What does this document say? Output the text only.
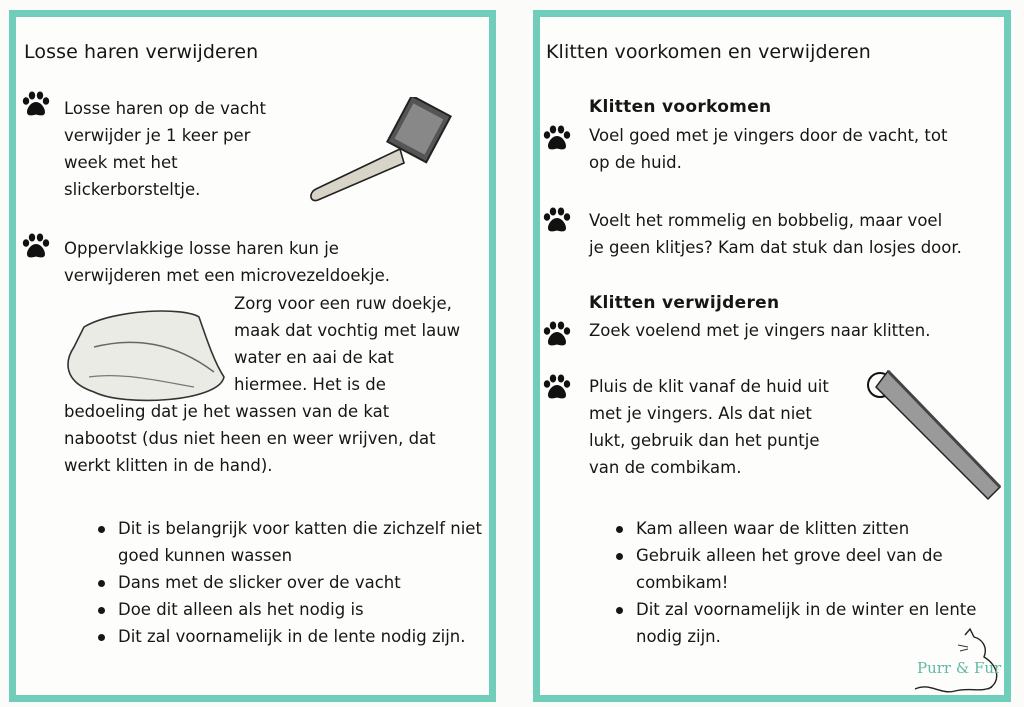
Losse haren verwijderen
Losse haren op de vacht
verwijder je 1 keer per
week met het
slickerborsteltje.
Oppervlakkige losse haren kun je
verwijderen met een microvezeldoekje.
Zorg voor een ruw doekje,
maak dat vochtig met lauw
water en aai de kat
hiermee. Het is de
bedoeling dat je het wassen van de kat
nabootst (dus niet heen en weer wrijven, dat
werkt klitten in de hand).
Dit is belangrijk voor katten die zichzelf niet goed kunnen wassen
Dans met de slicker over de vacht
Doe dit alleen als het nodig is
Dit zal voornamelijk in de lente nodig zijn.
Klitten voorkomen en verwijderen
Klitten voorkomen
Voel goed met je vingers door de vacht, tot
op de huid.
Voelt het rommelig en bobbelig, maar voel
je geen klitjes? Kam dat stuk dan losjes door.
Klitten verwijderen
Zoek voelend met je vingers naar klitten.
Pluis de klit vanaf de huid uit
met je vingers. Als dat niet
lukt, gebruik dan het puntje
van de combikam.
Kam alleen waar de klitten zitten
Gebruik alleen het grove deel van de combikam!
Dit zal voornamelijk in de winter en lente nodig zijn.
Purr & Fur
